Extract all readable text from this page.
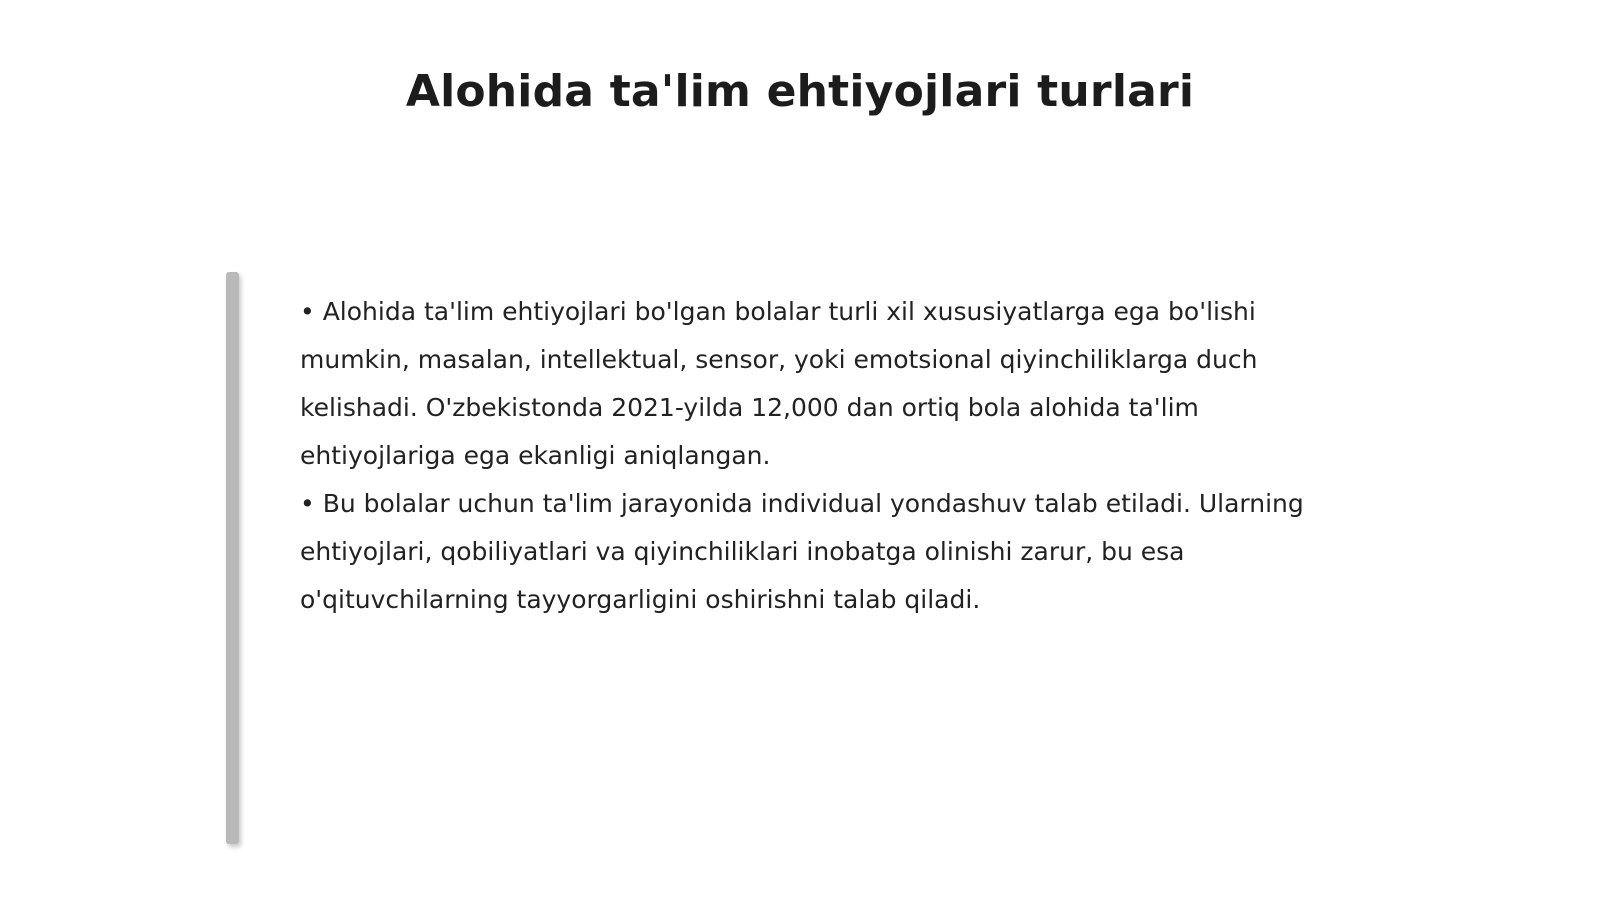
Alohida ta'lim ehtiyojlari turlari

• Alohida ta'lim ehtiyojlari bo'lgan bolalar turli xil xususiyatlarga ega bo'lishi mumkin, masalan, intellektual, sensor, yoki emotsional qiyinchiliklarga duch kelishadi. O'zbekistonda 2021-yilda 12,000 dan ortiq bola alohida ta'lim ehtiyojlariga ega ekanligi aniqlangan.

• Bu bolalar uchun ta'lim jarayonida individual yondashuv talab etiladi. Ularning ehtiyojlari, qobiliyatlari va qiyinchiliklari inobatga olinishi zarur, bu esa o'qituvchilarning tayyorgarligini oshirishni talab qiladi.
